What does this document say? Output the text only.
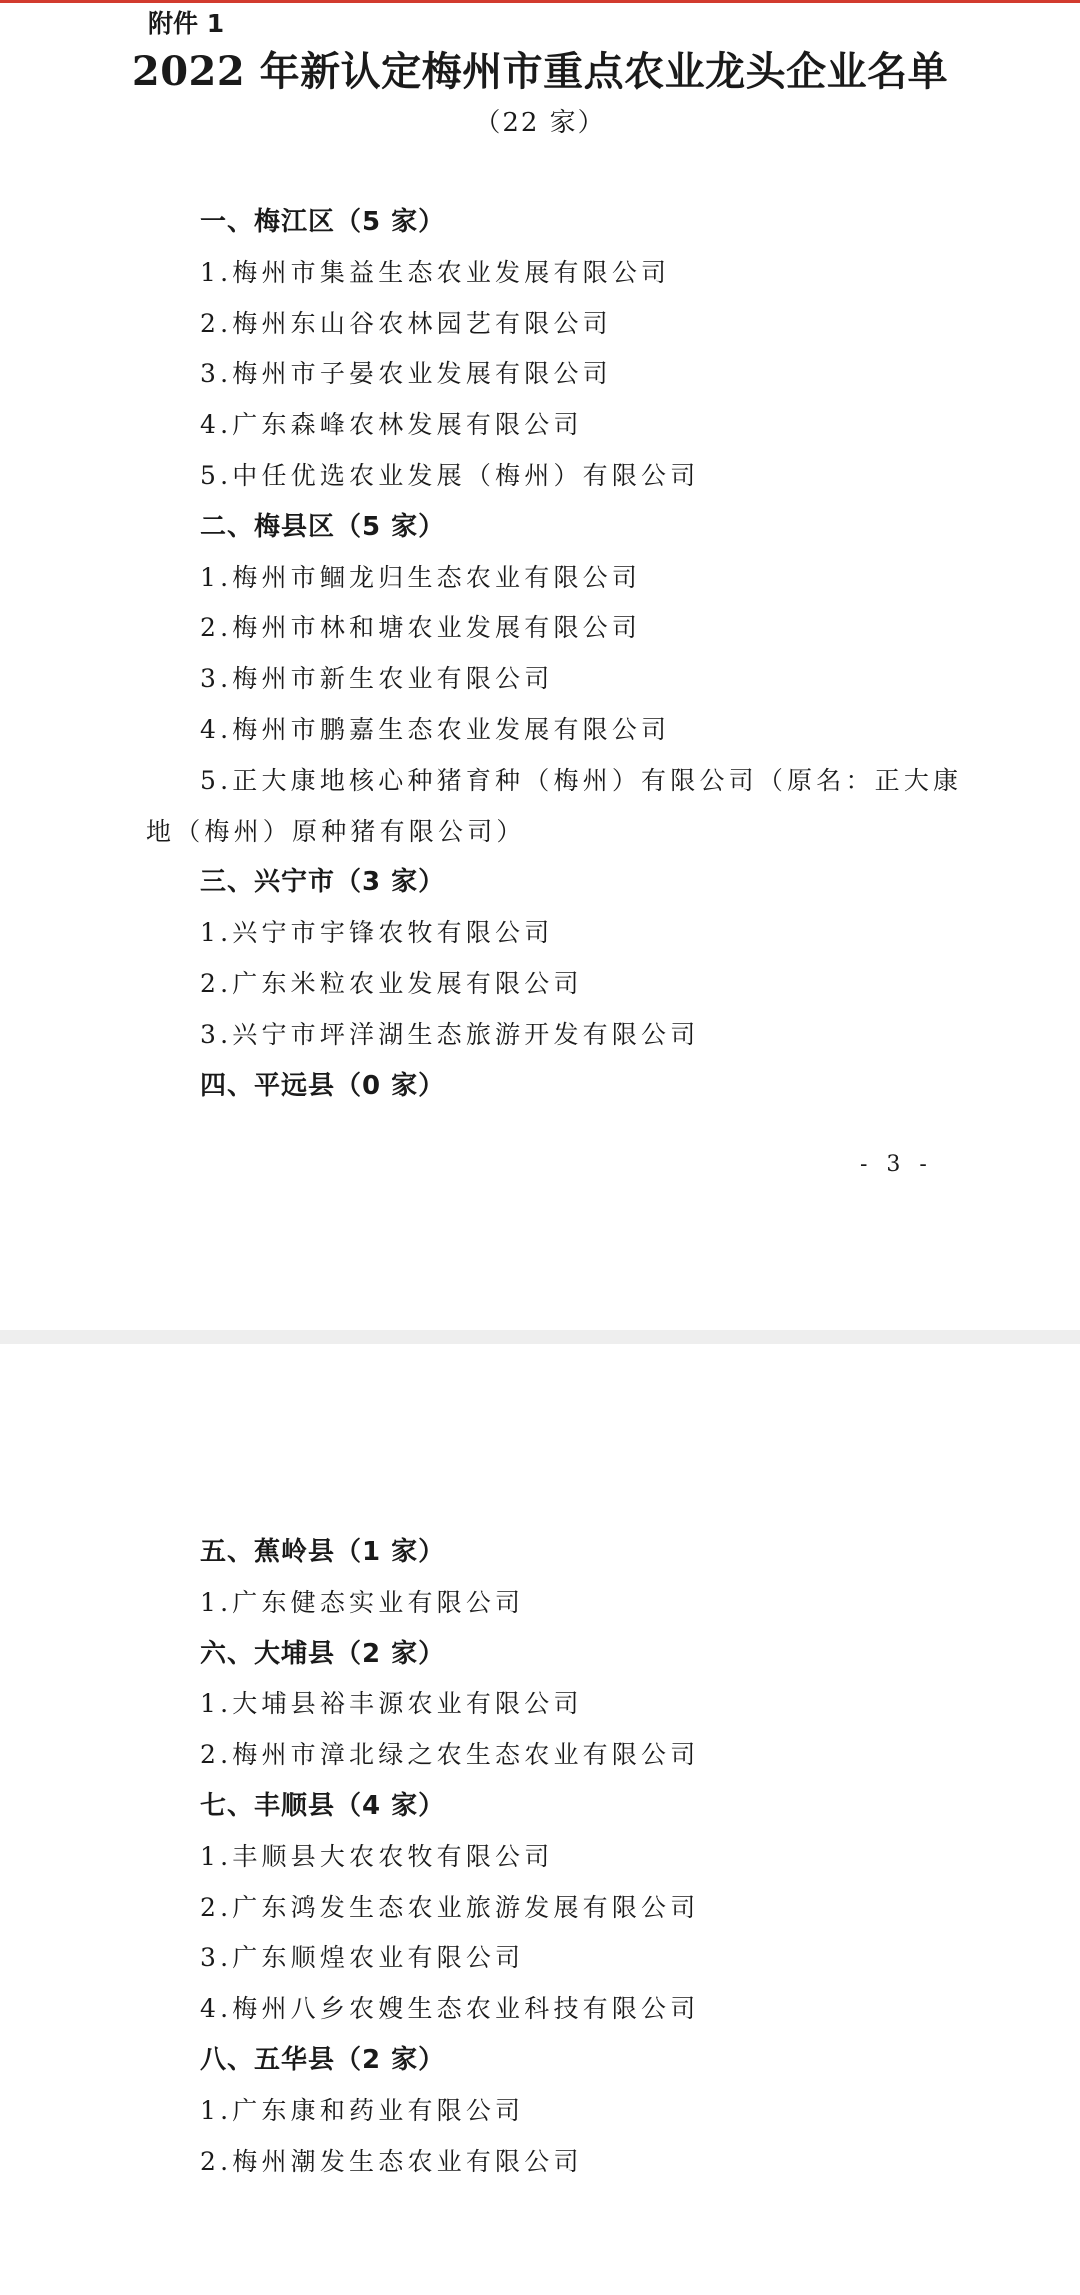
附件 1
2022 年新认定梅州市重点农业龙头企业名单
（22 家）
一、梅江区（5 家）
1.梅州市集益生态农业发展有限公司
2.梅州东山谷农林园艺有限公司
3.梅州市子晏农业发展有限公司
4.广东森峰农林发展有限公司
5.中任优选农业发展（梅州）有限公司
二、梅县区（5 家）
1.梅州市鲴龙归生态农业有限公司
2.梅州市林和塘农业发展有限公司
3.梅州市新生农业有限公司
4.梅州市鹏嘉生态农业发展有限公司
5.正大康地核心种猪育种（梅州）有限公司（原名：正大康
地（梅州）原种猪有限公司）
三、兴宁市（3 家）
1.兴宁市宇锋农牧有限公司
2.广东米粒农业发展有限公司
3.兴宁市坪洋湖生态旅游开发有限公司
四、平远县（0 家）
- 3 -
五、蕉岭县（1 家）
1.广东健态实业有限公司
六、大埔县（2 家）
1.大埔县裕丰源农业有限公司
2.梅州市漳北绿之农生态农业有限公司
七、丰顺县（4 家）
1.丰顺县大农农牧有限公司
2.广东鸿发生态农业旅游发展有限公司
3.广东顺煌农业有限公司
4.梅州八乡农嫂生态农业科技有限公司
八、五华县（2 家）
1.广东康和药业有限公司
2.梅州潮发生态农业有限公司
